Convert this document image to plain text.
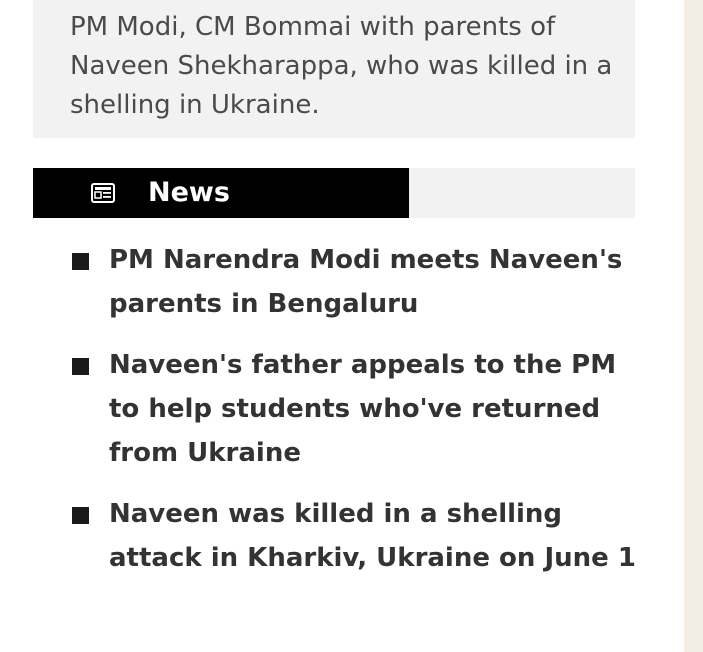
PM Modi, CM Bommai with parents of Naveen Shekharappa, who was killed in a shelling in Ukraine.
News
PM Narendra Modi meets Naveen's parents in Bengaluru
Naveen's father appeals to the PM to help students who've returned from Ukraine
Naveen was killed in a shelling attack in Kharkiv, Ukraine on June 1
